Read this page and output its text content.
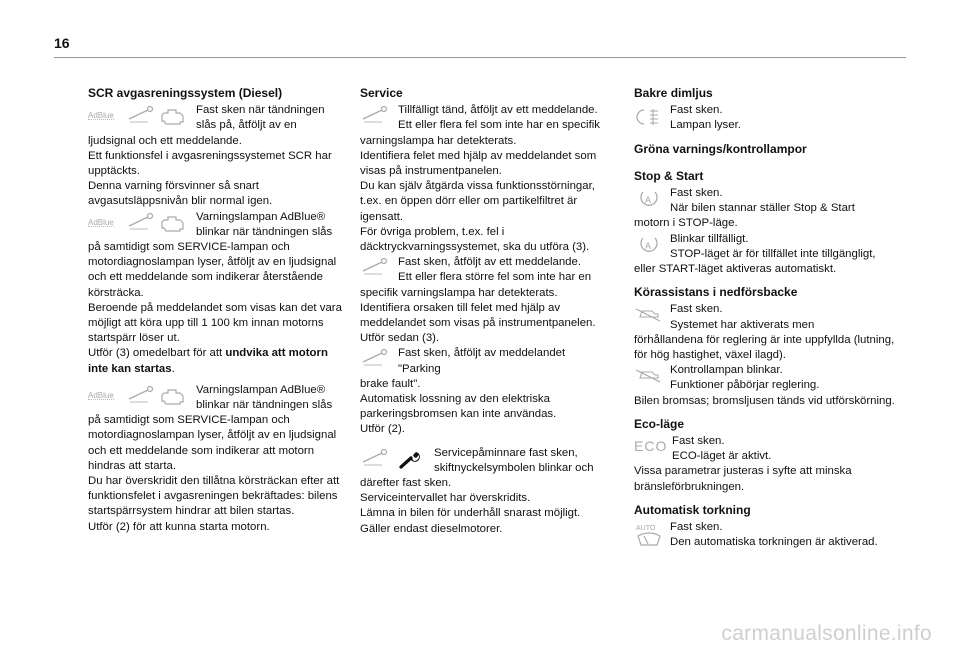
16
SCR avgasreningssystem (Diesel)
AdBlue	Fast sken när tändningen
slås på, åtföljt av en
ljudsignal och ett meddelande.
Ett funktionsfel i avgasreningssystemet SCR har upptäckts.
Denna varning försvinner så snart avgasutsläppsnivån blir normal igen.
AdBlue	Varningslampan AdBlue®
blinkar när tändningen slås
på samtidigt som SERVICE-lampan och motordiagnoslampan lyser, åtföljt av en ljudsignal och ett meddelande som indikerar återstående körsträcka.
Beroende på meddelandet som visas kan det vara möjligt att köra upp till 1 100 km innan motorns startspärr löser ut.
Utför (3) omedelbart för att undvika att motorn inte kan startas.
AdBlue	Varningslampan AdBlue®
blinkar när tändningen slås
på samtidigt som SERVICE-lampan och motordiagnoslampan lyser, åtföljt av en ljudsignal och ett meddelande som indikerar att motorn hindras att starta.
Du har överskridit den tillåtna körsträckan efter att funktionsfelet i avgasreningen bekräftades: bilens startspärrsystem hindrar att bilen startas.
Utför (2) för att kunna starta motorn.
Service
Tillfälligt tänd, åtföljt av ett meddelande.
Ett eller flera fel som inte har en specifik
varningslampa har detekterats.
Identifiera felet med hjälp av meddelandet som visas på instrumentpanelen.
Du kan själv åtgärda vissa funktionsstörningar, t.ex. en öppen dörr eller om partikelfiltret är igensatt.
För övriga problem, t.ex. fel i däcktryckvarningssystemet, ska du utföra (3).
Fast sken, åtföljt av ett meddelande.
Ett eller flera större fel som inte har en
specifik varningslampa har detekterats.
Identifiera orsaken till felet med hjälp av meddelandet som visas på instrumentpanelen.
Utför sedan (3).
Fast sken, åtföljt av meddelandet "Parking
brake fault".
Automatisk lossning av den elektriska parkeringsbromsen kan inte användas.
Utför (2).
Servicepåminnare fast sken,
skiftnyckelsymbolen blinkar och
därefter fast sken.
Serviceintervallet har överskridits.
Lämna in bilen för underhåll snarast möjligt.
Gäller endast dieselmotorer.
Bakre dimljus
Fast sken.
Lampan lyser.
Gröna varnings/kontrollampor
Stop & Start
A
Fast sken.
När bilen stannar ställer Stop & Start
motorn i STOP-läge.
A
Blinkar tillfälligt.
STOP-läget är för tillfället inte tillgängligt,
eller START-läget aktiveras automatiskt.
Körassistans i nedförsbacke
Fast sken.
Systemet har aktiverats men
förhållandena för reglering är inte uppfyllda (lutning, för hög hastighet, växel ilagd).
Kontrollampan blinkar.
Funktioner påbörjar reglering.
Bilen bromsas; bromsljusen tänds vid utförskörning.
Eco-läge
ECO Fast sken.
ECO-läget är aktivt.
Vissa parametrar justeras i syfte att minska bränsleförbrukningen.
Automatisk torkning
AUTO	Fast sken.
Den automatiska torkningen är aktiverad.
carmanualsonline.info
